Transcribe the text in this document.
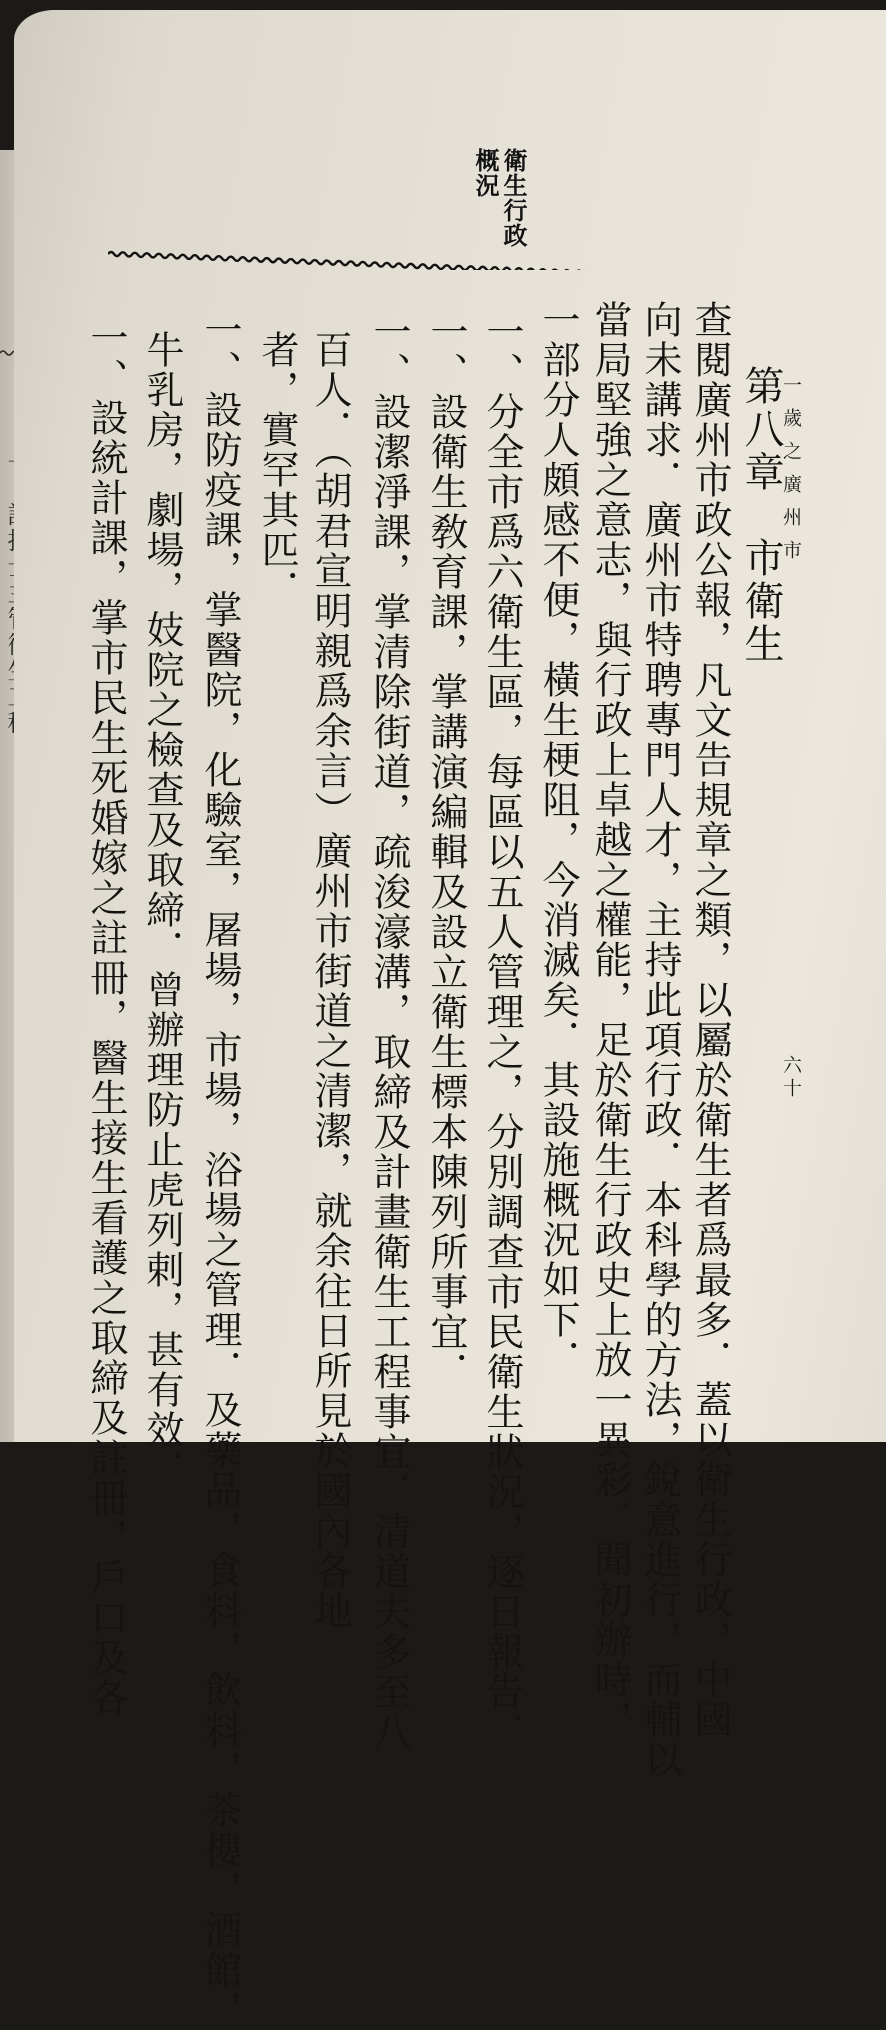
一歲之廣州市
六十
衛生行政
概況
第八章　市衛生
查閱廣州市政公報，凡文告規章之類，以屬於衛生者爲最多．蓋以衛生行政，中國
向未講求．廣州市特聘專門人才，主持此項行政．本科學的方法，銳意進行，而輔以
當局堅強之意志，與行政上卓越之權能，足於衛生行政史上放一異彩．聞初辦時，
一部分人頗感不便，橫生梗阻，今消滅矣．其設施概況如下．
一、分全市爲六衛生區，每區以五人管理之，分別調查市民衛生狀況，逐日報告．
一、設衛生敎育課，掌講演編輯及設立衛生標本陳列所事宜．
一、設潔淨課，掌清除街道，疏浚濠溝，取締及計畫衛生工程事宜．清道夫多至八
百人．（胡君宣明親爲余言）廣州市街道之清潔，就余往日所見於國內各地
者，實罕其匹．
一、設防疫課，掌醫院，化驗室，屠場，市場，浴場之管理．及藥品，食料，飲料，茶樓，酒館，
牛乳房，劇場，妓院之檢查及取締．曾辦理防止虎列剌，甚有效．
一、設統計課，掌市民生死婚嫁之註冊，醫生接生看護之取締及註冊，戶口及各
